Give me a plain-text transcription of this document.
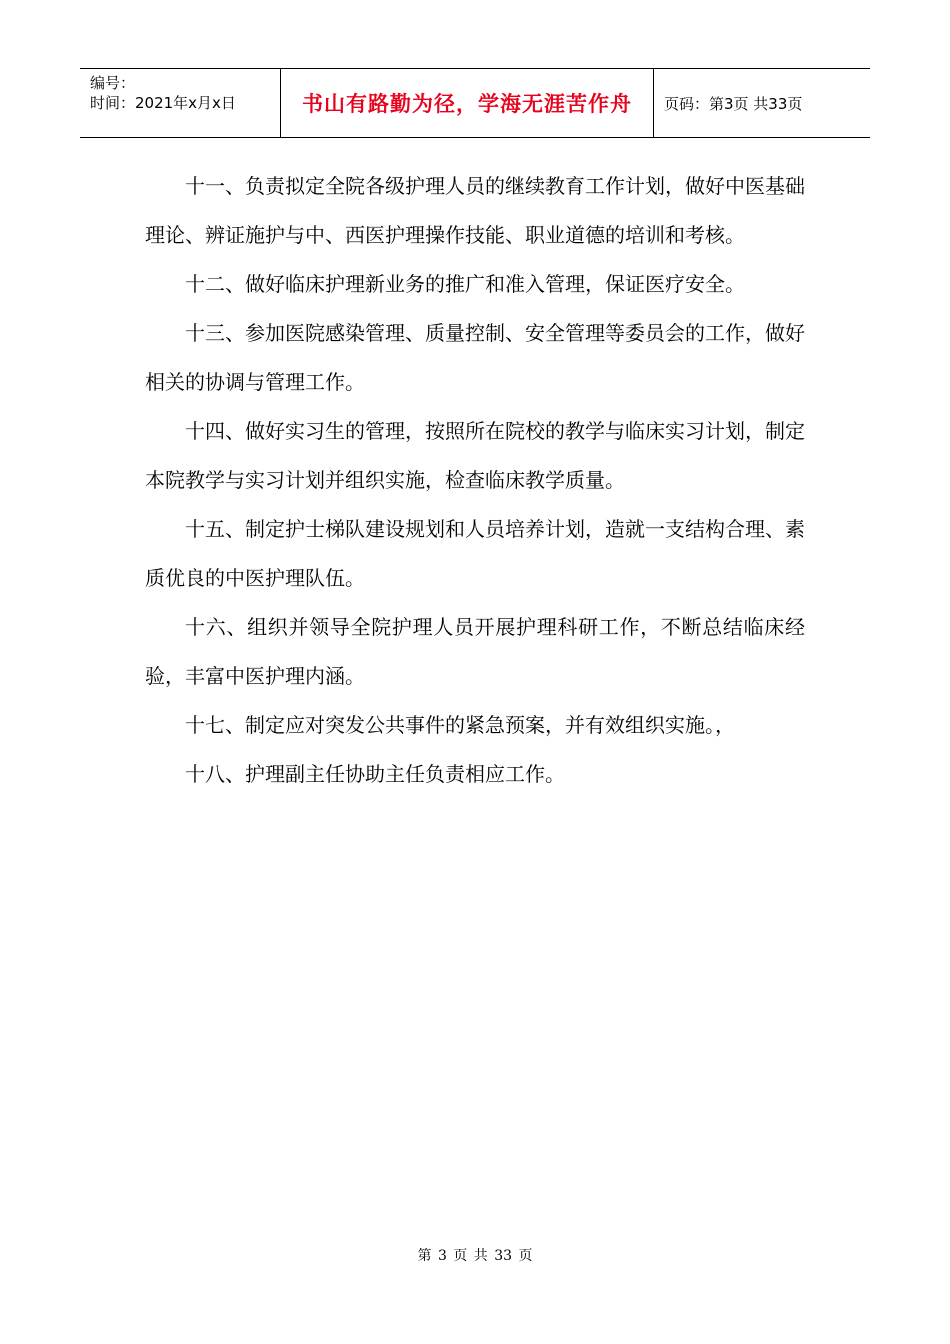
编号：
时间：2021年x月x日	书山有路勤为径，学海无涯苦作舟	页码：第3页 共33页

十一、负责拟定全院各级护理人员的继续教育工作计划，做好中医基础理论、辨证施护与中、西医护理操作技能、职业道德的培训和考核。

十二、做好临床护理新业务的推广和准入管理，保证医疗安全。

十三、参加医院感染管理、质量控制、安全管理等委员会的工作，做好相关的协调与管理工作。

十四、做好实习生的管理，按照所在院校的教学与临床实习计划，制定本院教学与实习计划并组织实施，检查临床教学质量。

十五、制定护士梯队建设规划和人员培养计划，造就一支结构合理、素质优良的中医护理队伍。

十六、组织并领导全院护理人员开展护理科研工作，不断总结临床经验，丰富中医护理内涵。

十七、制定应对突发公共事件的紧急预案，并有效组织实施。，

十八、护理副主任协助主任负责相应工作。

第 3 页 共 33 页
